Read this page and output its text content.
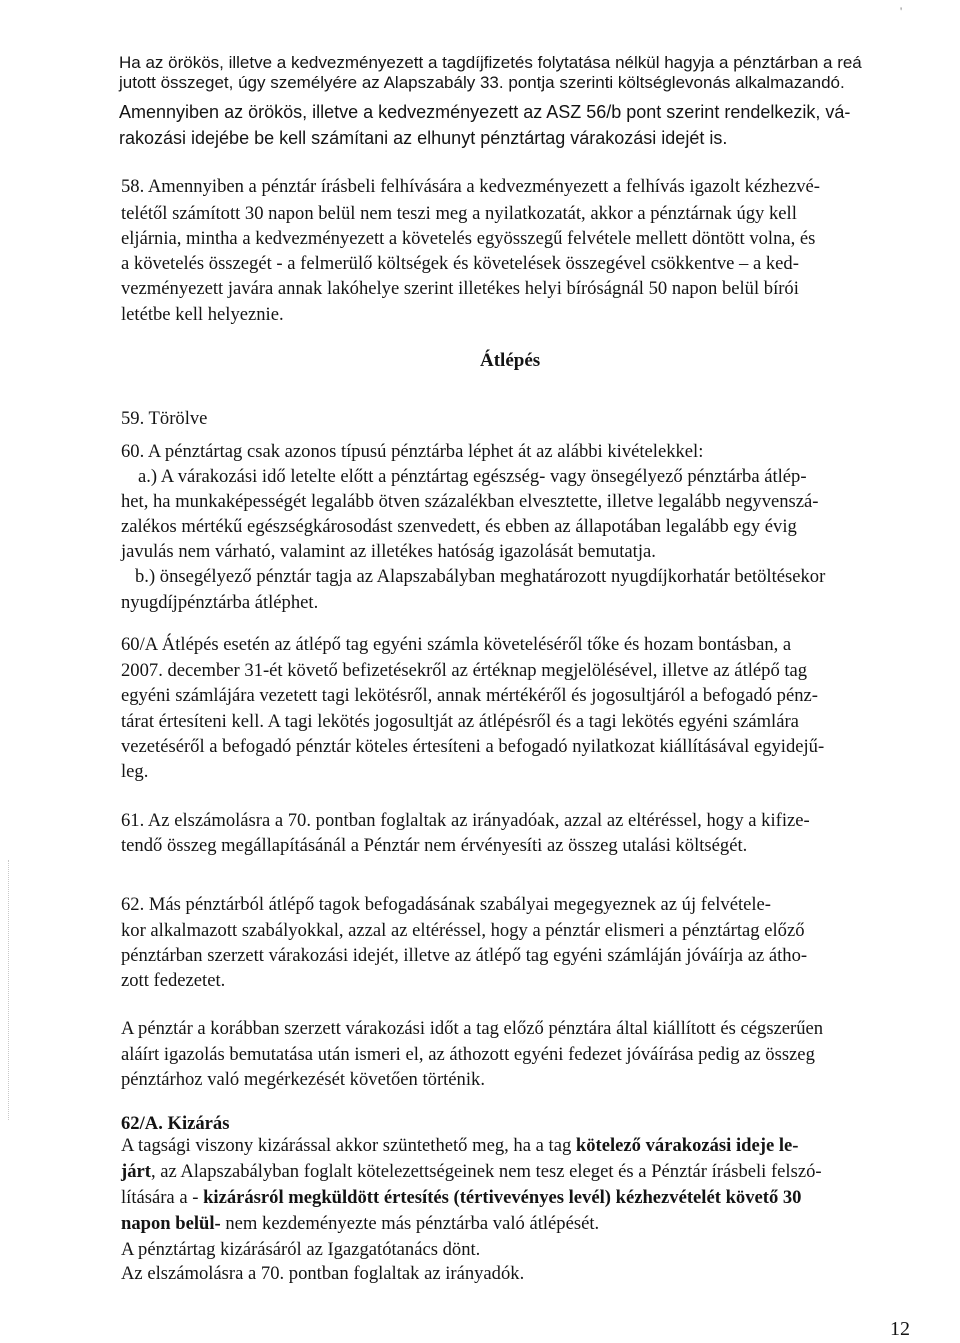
'
Ha az örökös, illetve a kedvezményezett a tagdíjfizetés folytatása nélkül hagyja a pénztárban a reá
jutott összeget, úgy személyére az Alapszabály 33. pontja szerinti költséglevonás alkalmazandó.
Amennyiben az örökös, illetve a kedvezményezett az ASZ 56/b pont szerint rendelkezik, vá-
rakozási idejébe be kell számítani az elhunyt pénztártag várakozási idejét is.
58. Amennyiben a pénztár írásbeli felhívására a kedvezményezett a felhívás igazolt kézhezvé-
telétől számított 30 napon belül nem teszi meg a nyilatkozatát, akkor a pénztárnak úgy kell
eljárnia, mintha a kedvezményezett a követelés egyösszegű felvétele mellett döntött volna, és
a követelés összegét - a felmerülő költségek és követelések összegével csökkentve – a ked-
vezményezett javára annak lakóhelye szerint illetékes helyi bíróságnál 50 napon belül bírói
letétbe kell helyeznie.
Átlépés
59. Törölve
60. A pénztártag csak azonos típusú pénztárba léphet át az alábbi kivételekkel:
a.) A várakozási idő letelte előtt a pénztártag egészség- vagy önsegélyező pénztárba átlép-
het, ha munkaképességét legalább ötven százalékban elvesztette, illetve legalább negyvenszá-
zalékos mértékű egészségkárosodást szenvedett, és ebben az állapotában legalább egy évig
javulás nem várható, valamint az illetékes hatóság igazolását bemutatja.
b.) önsegélyező pénztár tagja az Alapszabályban meghatározott nyugdíjkorhatár betöltésekor
nyugdíjpénztárba átléphet.
60/A Átlépés esetén az átlépő tag egyéni számla követeléséről tőke és hozam bontásban, a
2007. december 31-ét követő befizetésekről az értéknap megjelölésével, illetve az átlépő tag
egyéni számlájára vezetett tagi lekötésről, annak mértékéről és jogosultjáról a befogadó pénz-
tárat értesíteni kell. A tagi lekötés jogosultját az átlépésről és a tagi lekötés egyéni számlára
vezetéséről a befogadó pénztár köteles értesíteni a befogadó nyilatkozat kiállításával egyidejű-
leg.
61. Az elszámolásra a 70. pontban foglaltak az irányadóak, azzal az eltéréssel, hogy a kifize-
tendő összeg megállapításánál a Pénztár nem érvényesíti az összeg utalási költségét.
62. Más pénztárból átlépő tagok befogadásának szabályai megegyeznek az új felvétele-
kor alkalmazott szabályokkal, azzal az eltéréssel, hogy a pénztár elismeri a pénztártag előző
pénztárban szerzett várakozási idejét, illetve az átlépő tag egyéni számláján jóváírja az átho-
zott fedezetet.
A pénztár a korábban szerzett várakozási időt a tag előző pénztára által kiállított és cégszerűen
aláírt igazolás bemutatása után ismeri el, az áthozott egyéni fedezet jóváírása pedig az összeg
pénztárhoz való megérkezését követően történik.
62/A. Kizárás
A tagsági viszony kizárással akkor szüntethető meg, ha a tag kötelező várakozási ideje le-
járt, az Alapszabályban foglalt kötelezettségeinek nem tesz eleget és a Pénztár írásbeli felszó-
lítására a - kizárásról megküldött értesítés (tértivevényes levél) kézhezvételét követő 30
napon belül- nem kezdeményezte más pénztárba való átlépését.
A pénztártag kizárásáról az Igazgatótanács dönt.
Az elszámolásra a 70. pontban foglaltak az irányadók.
12
